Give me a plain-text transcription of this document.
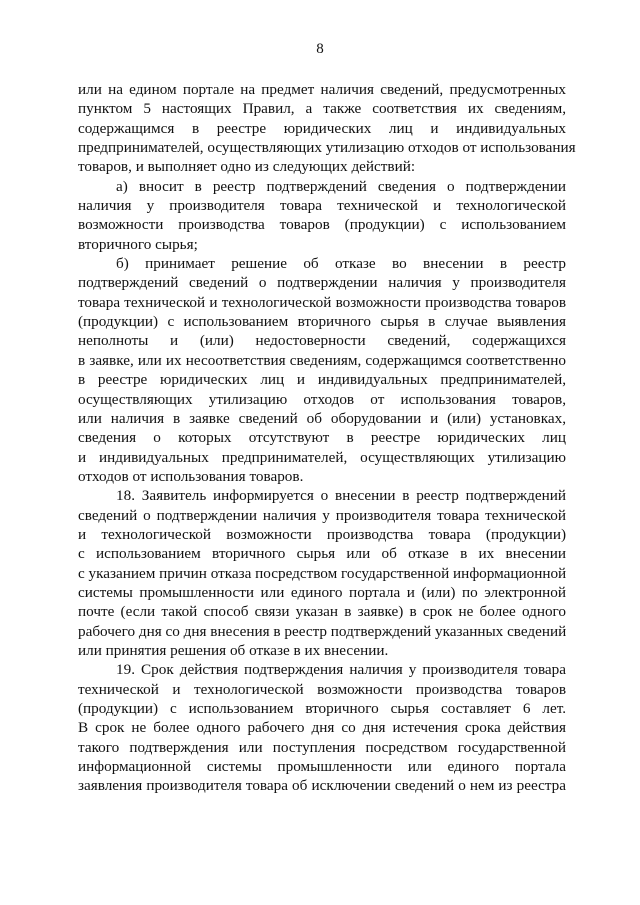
8
или на едином портале на предмет наличия сведений, предусмотренных
пунктом 5 настоящих Правил, а также соответствия их сведениям,
содержащимся в реестре юридических лиц и индивидуальных
предпринимателей, осуществляющих утилизацию отходов от использования
товаров, и выполняет одно из следующих действий:
а) вносит в реестр подтверждений сведения о подтверждении
наличия у производителя товара технической и технологической
возможности производства товаров (продукции) с использованием
вторичного сырья;
б) принимает решение об отказе во внесении в реестр
подтверждений сведений о подтверждении наличия у производителя
товара технической и технологической возможности производства товаров
(продукции) с использованием вторичного сырья в случае выявления
неполноты и (или) недостоверности сведений, содержащихся
в заявке, или их несоответствия сведениям, содержащимся соответственно
в реестре юридических лиц и индивидуальных предпринимателей,
осуществляющих утилизацию отходов от использования товаров,
или наличия в заявке сведений об оборудовании и (или) установках,
сведения о которых отсутствуют в реестре юридических лиц
и индивидуальных предпринимателей, осуществляющих утилизацию
отходов от использования товаров.
18. Заявитель информируется о внесении в реестр подтверждений
сведений о подтверждении наличия у производителя товара технической
и технологической возможности производства товара (продукции)
с использованием вторичного сырья или об отказе в их внесении
с указанием причин отказа посредством государственной информационной
системы промышленности или единого портала и (или) по электронной
почте (если такой способ связи указан в заявке) в срок не более одного
рабочего дня со дня внесения в реестр подтверждений указанных сведений
или принятия решения об отказе в их внесении.
19. Срок действия подтверждения наличия у производителя товара
технической и технологической возможности производства товаров
(продукции) с использованием вторичного сырья составляет 6 лет.
В срок не более одного рабочего дня со дня истечения срока действия
такого подтверждения или поступления посредством государственной
информационной системы промышленности или единого портала
заявления производителя товара об исключении сведений о нем из реестра
